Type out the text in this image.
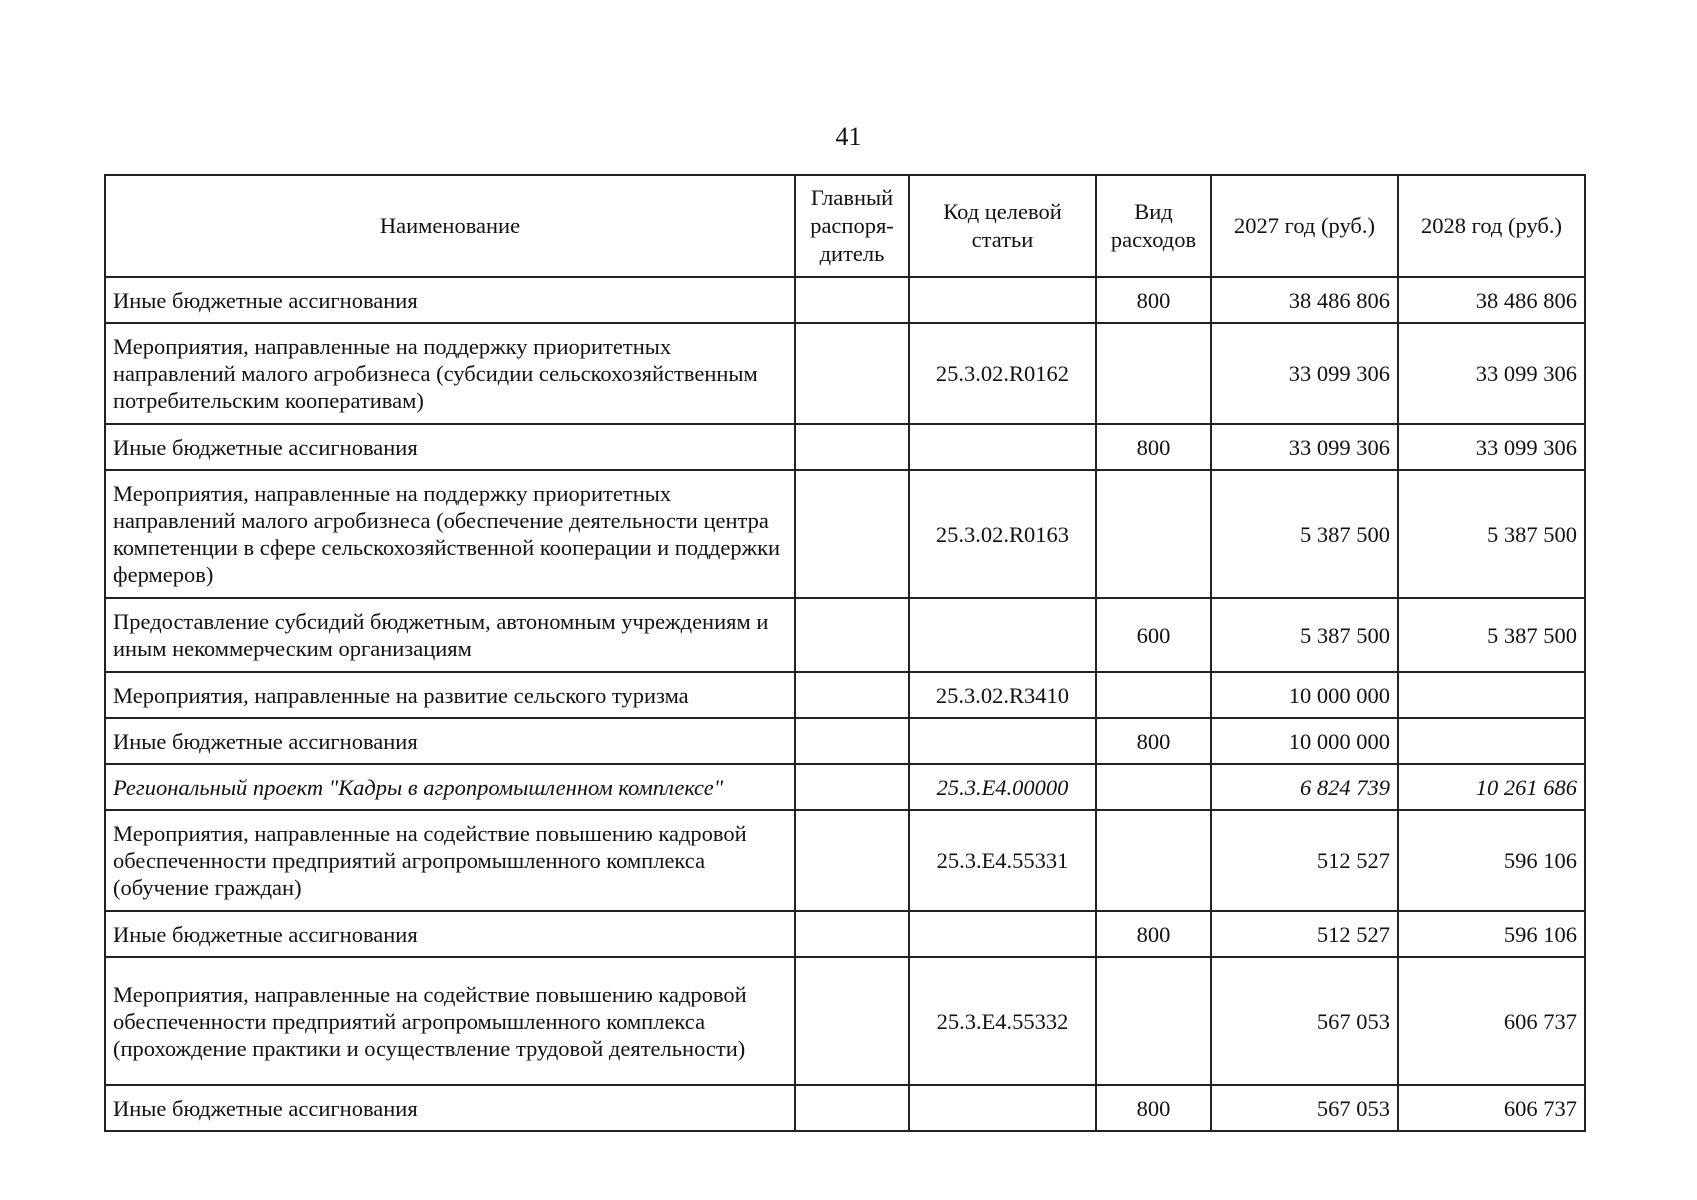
41
Наименование	Главный распоря-дитель	Код целевой статьи	Вид расходов	2027 год (руб.)	2028 год (руб.)
Иные бюджетные ассигнования			800	38 486 806	38 486 806
Мероприятия, направленные на поддержку приоритетных направлений малого агробизнеса (субсидии сельскохозяйственным потребительским кооперативам)		25.3.02.R0162		33 099 306	33 099 306
Иные бюджетные ассигнования			800	33 099 306	33 099 306
Мероприятия, направленные на поддержку приоритетных направлений малого агробизнеса (обеспечение деятельности центра компетенции в сфере сельскохозяйственной кооперации и поддержки фермеров)		25.3.02.R0163		5 387 500	5 387 500
Предоставление субсидий бюджетным, автономным учреждениям и иным некоммерческим организациям			600	5 387 500	5 387 500
Мероприятия, направленные на развитие сельского туризма		25.3.02.R3410		10 000 000	
Иные бюджетные ассигнования			800	10 000 000	
Региональный проект "Кадры в агропромышленном комплексе"		25.3.E4.00000		6 824 739	10 261 686
Мероприятия, направленные на содействие повышению кадровой обеспеченности предприятий агропромышленного комплекса (обучение граждан)		25.3.E4.55331		512 527	596 106
Иные бюджетные ассигнования			800	512 527	596 106
Мероприятия, направленные на содействие повышению кадровой обеспеченности предприятий агропромышленного комплекса (прохождение практики и осуществление трудовой деятельности)		25.3.E4.55332		567 053	606 737
Иные бюджетные ассигнования			800	567 053	606 737
